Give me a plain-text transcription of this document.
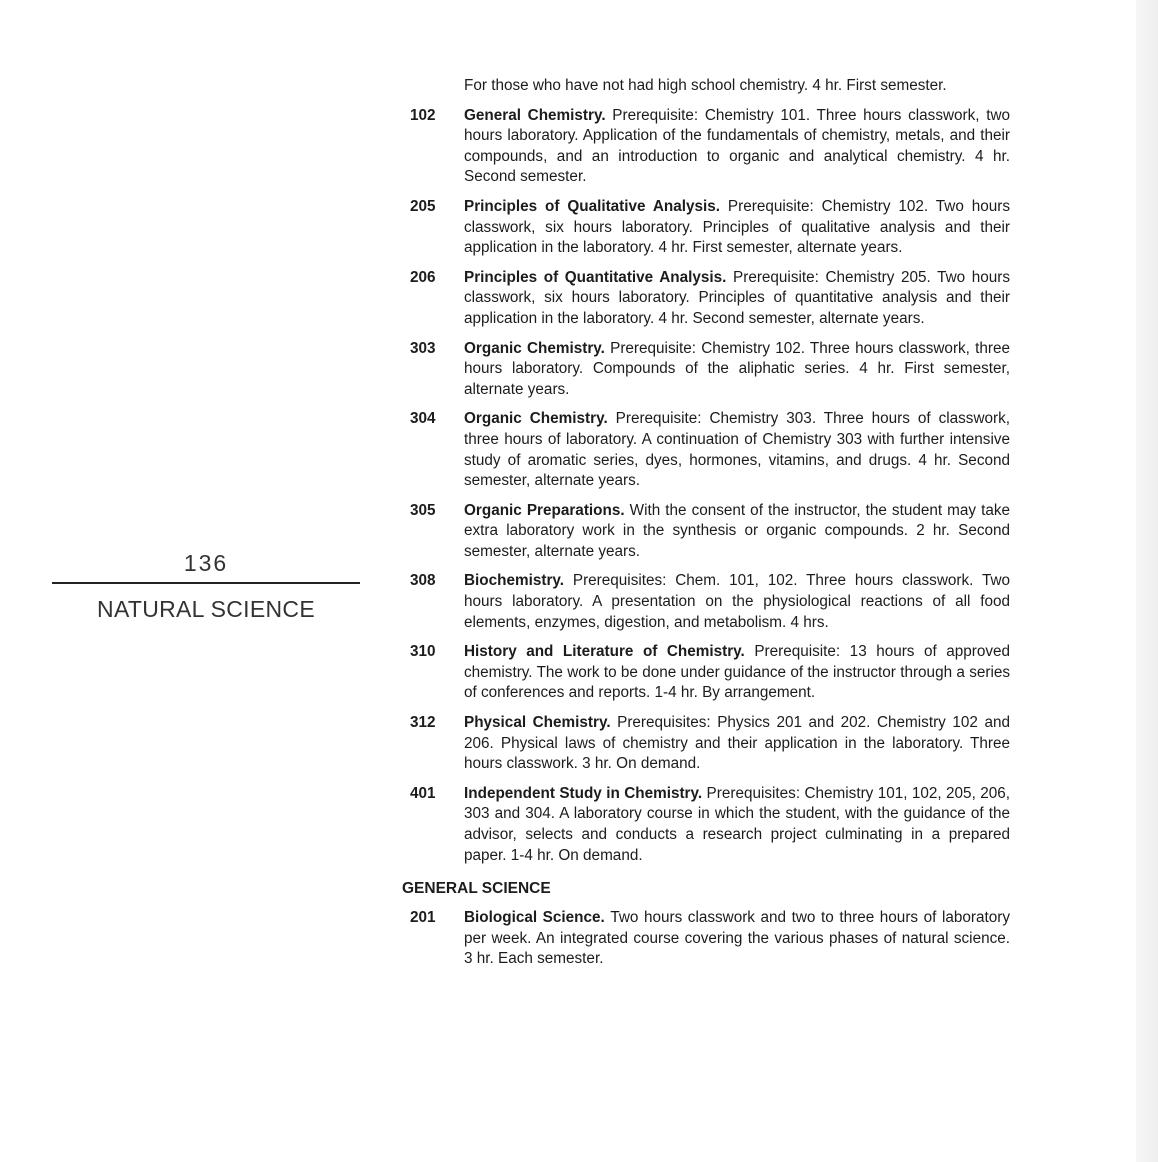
136
NATURAL SCIENCE
For those who have not had high school chemistry. 4 hr. First semester.
102 General Chemistry. Prerequisite: Chemistry 101. Three hours classwork, two hours laboratory. Application of the fundamentals of chemistry, metals, and their compounds, and an introduction to organic and analytical chemistry. 4 hr. Second semester.
205 Principles of Qualitative Analysis. Prerequisite: Chemistry 102. Two hours classwork, six hours laboratory. Principles of qualitative analysis and their application in the laboratory. 4 hr. First semester, alternate years.
206 Principles of Quantitative Analysis. Prerequisite: Chemistry 205. Two hours classwork, six hours laboratory. Principles of quantitative analysis and their application in the laboratory. 4 hr. Second semester, alternate years.
303 Organic Chemistry. Prerequisite: Chemistry 102. Three hours classwork, three hours laboratory. Compounds of the aliphatic series. 4 hr. First semester, alternate years.
304 Organic Chemistry. Prerequisite: Chemistry 303. Three hours of classwork, three hours of laboratory. A continuation of Chemistry 303 with further intensive study of aromatic series, dyes, hormones, vitamins, and drugs. 4 hr. Second semester, alternate years.
305 Organic Preparations. With the consent of the instructor, the student may take extra laboratory work in the synthesis or organic compounds. 2 hr. Second semester, alternate years.
308 Biochemistry. Prerequisites: Chem. 101, 102. Three hours classwork. Two hours laboratory. A presentation on the physiological reactions of all food elements, enzymes, digestion, and metabolism. 4 hrs.
310 History and Literature of Chemistry. Prerequisite: 13 hours of approved chemistry. The work to be done under guidance of the instructor through a series of conferences and reports. 1-4 hr. By arrangement.
312 Physical Chemistry. Prerequisites: Physics 201 and 202. Chemistry 102 and 206. Physical laws of chemistry and their application in the laboratory. Three hours classwork. 3 hr. On demand.
401 Independent Study in Chemistry. Prerequisites: Chemistry 101, 102, 205, 206, 303 and 304. A laboratory course in which the student, with the guidance of the advisor, selects and conducts a research project culminating in a prepared paper. 1-4 hr. On demand.
GENERAL SCIENCE
201 Biological Science. Two hours classwork and two to three hours of laboratory per week. An integrated course covering the various phases of natural science. 3 hr. Each semester.
